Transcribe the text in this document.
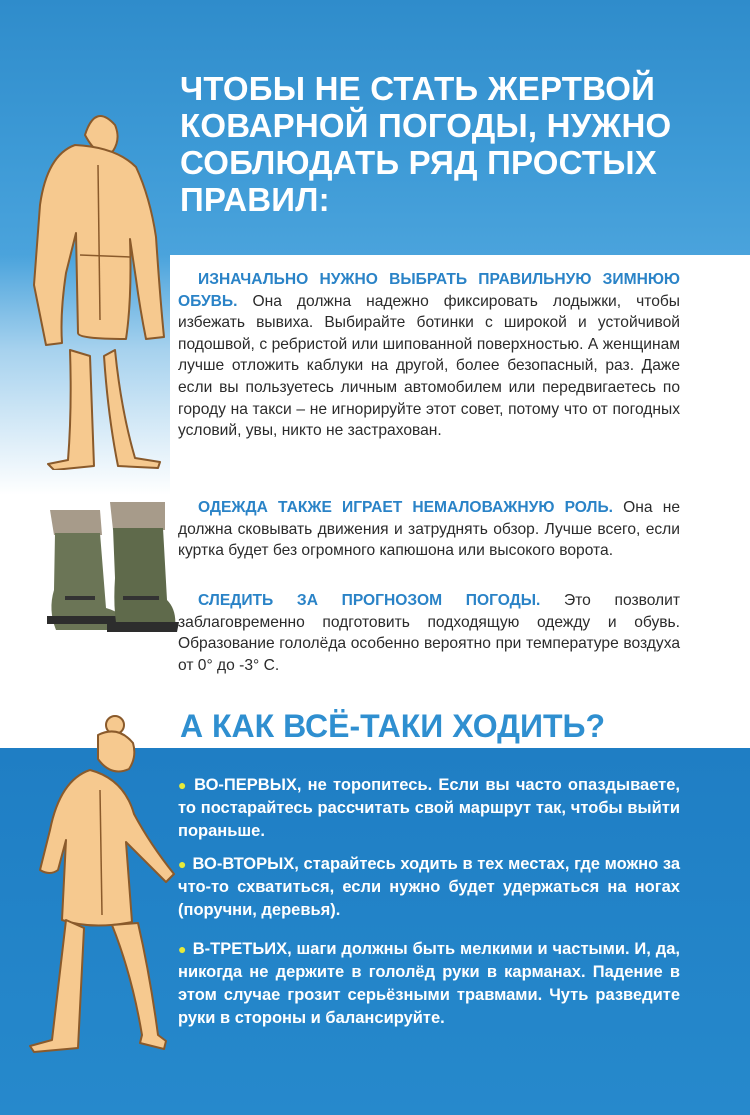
ЧТОБЫ НЕ СТАТЬ ЖЕРТВОЙ КОВАРНОЙ ПОГОДЫ, НУЖНО СОБЛЮДАТЬ РЯД ПРОСТЫХ ПРАВИЛ:

ИЗНАЧАЛЬНО НУЖНО ВЫБРАТЬ ПРАВИЛЬНУЮ ЗИМНЮЮ ОБУВЬ. Она должна надежно фиксировать лодыжки, чтобы избежать вывиха. Выбирайте ботинки с широкой и устойчивой подошвой, с ребристой или шипованной поверхностью. А женщинам лучше отложить каблуки на другой, более безопасный, раз. Даже если вы пользуетесь личным автомобилем или передвигаетесь по городу на такси – не игнорируйте этот совет, потому что от погодных условий, увы, никто не застрахован.

ОДЕЖДА ТАКЖЕ ИГРАЕТ НЕМАЛОВАЖНУЮ РОЛЬ. Она не должна сковывать движения и затруднять обзор. Лучше всего, если куртка будет без огромного капюшона или высокого ворота.

СЛЕДИТЬ ЗА ПРОГНОЗОМ ПОГОДЫ. Это позволит заблаговременно подготовить подходящую одежду и обувь. Образование гололёда особенно вероятно при температуре воздуха от 0° до -3° С.

А КАК ВСЁ-ТАКИ ХОДИТЬ?

● ВО-ПЕРВЫХ, не торопитесь. Если вы часто опаздываете, то постарайтесь рассчитать свой маршрут так, чтобы выйти пораньше.

● ВО-ВТОРЫХ, старайтесь ходить в тех местах, где можно за что-то схватиться, если нужно будет удержаться на ногах (поручни, деревья).

● В-ТРЕТЬИХ, шаги должны быть мелкими и частыми. И, да, никогда не держите в гололёд руки в карманах. Падение в этом случае грозит серьёзными травмами. Чуть разведите руки в стороны и балансируйте.
